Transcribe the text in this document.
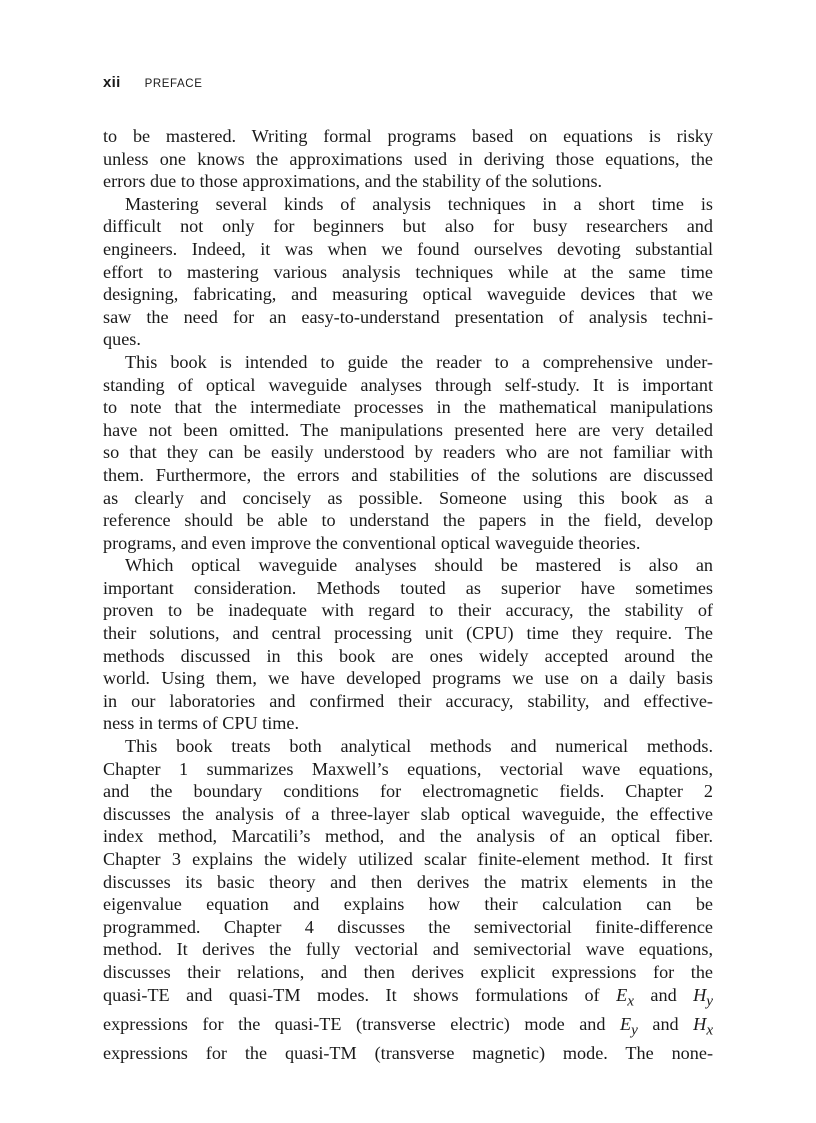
xii PREFACE
to be mastered. Writing formal programs based on equations is risky
unless one knows the approximations used in deriving those equations, the
errors due to those approximations, and the stability of the solutions.
Mastering several kinds of analysis techniques in a short time is
difficult not only for beginners but also for busy researchers and
engineers. Indeed, it was when we found ourselves devoting substantial
effort to mastering various analysis techniques while at the same time
designing, fabricating, and measuring optical waveguide devices that we
saw the need for an easy-to-understand presentation of analysis techni-
ques.
This book is intended to guide the reader to a comprehensive under-
standing of optical waveguide analyses through self-study. It is important
to note that the intermediate processes in the mathematical manipulations
have not been omitted. The manipulations presented here are very detailed
so that they can be easily understood by readers who are not familiar with
them. Furthermore, the errors and stabilities of the solutions are discussed
as clearly and concisely as possible. Someone using this book as a
reference should be able to understand the papers in the field, develop
programs, and even improve the conventional optical waveguide theories.
Which optical waveguide analyses should be mastered is also an
important consideration. Methods touted as superior have sometimes
proven to be inadequate with regard to their accuracy, the stability of
their solutions, and central processing unit (CPU) time they require. The
methods discussed in this book are ones widely accepted around the
world. Using them, we have developed programs we use on a daily basis
in our laboratories and confirmed their accuracy, stability, and effective-
ness in terms of CPU time.
This book treats both analytical methods and numerical methods.
Chapter 1 summarizes Maxwell’s equations, vectorial wave equations,
and the boundary conditions for electromagnetic fields. Chapter 2
discusses the analysis of a three-layer slab optical waveguide, the effective
index method, Marcatili’s method, and the analysis of an optical fiber.
Chapter 3 explains the widely utilized scalar finite-element method. It first
discusses its basic theory and then derives the matrix elements in the
eigenvalue equation and explains how their calculation can be
programmed. Chapter 4 discusses the semivectorial finite-difference
method. It derives the fully vectorial and semivectorial wave equations,
discusses their relations, and then derives explicit expressions for the
quasi-TE and quasi-TM modes. It shows formulations of $E_x$ and $H_y$
expressions for the quasi-TE (transverse electric) mode and $E_y$ and $H_x$
expressions for the quasi-TM (transverse magnetic) mode. The none-
